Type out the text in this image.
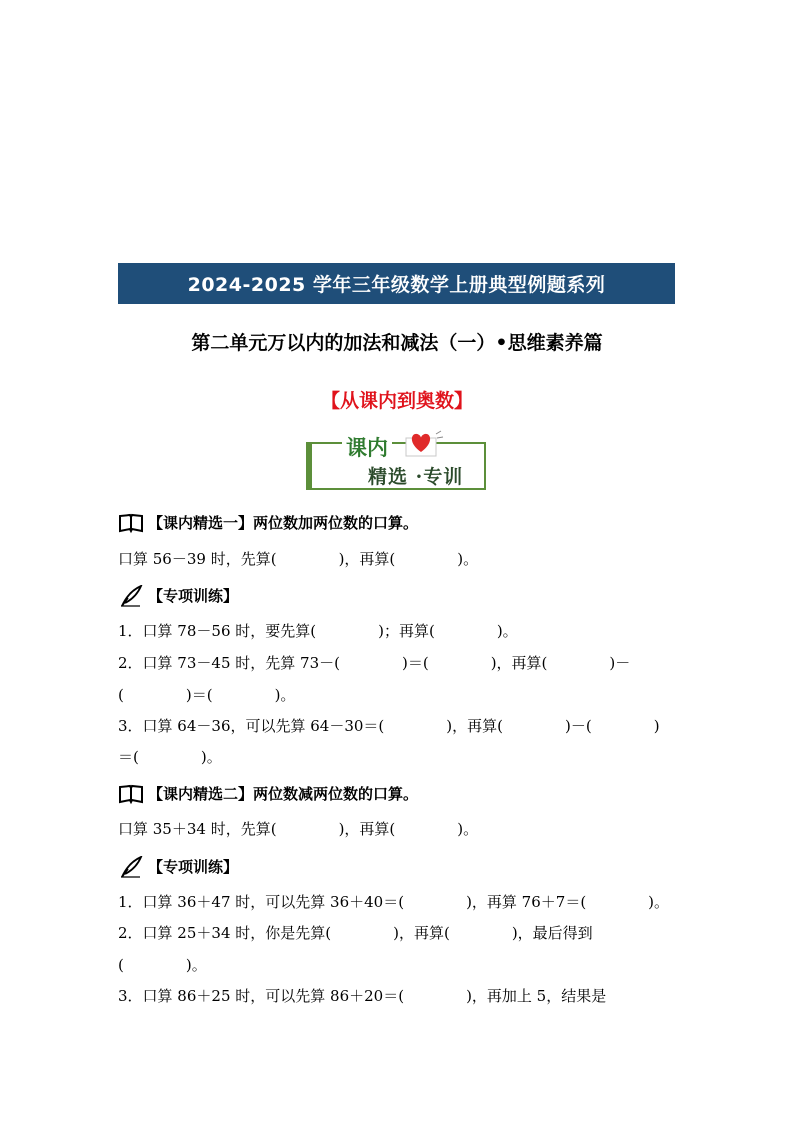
2024-2025 学年三年级数学上册典型例题系列
第二单元万以内的加法和减法（一）•思维素养篇
【从课内到奥数】
课内
精选 ·专训
【课内精选一】两位数加两位数的口算。
口算 56－39 时，先算(	)，再算(	)。
【专项训练】
1．口算 78－56 时，要先算(	)；再算(	)。
2．口算 73－45 时，先算 73－(	)＝(	)，再算(	)－
(	)＝(	)。
3．口算 64－36，可以先算 64－30＝(	)，再算(	)－(	)
＝(	)。
【课内精选二】两位数减两位数的口算。
口算 35＋34 时，先算(	)，再算(	)。
【专项训练】
1．口算 36＋47 时，可以先算 36＋40＝(	)，再算 76＋7＝(	)。
2．口算 25＋34 时，你是先算(	)，再算(	)，最后得到
(	)。
3．口算 86＋25 时，可以先算 86＋20＝(	)，再加上 5，结果是
